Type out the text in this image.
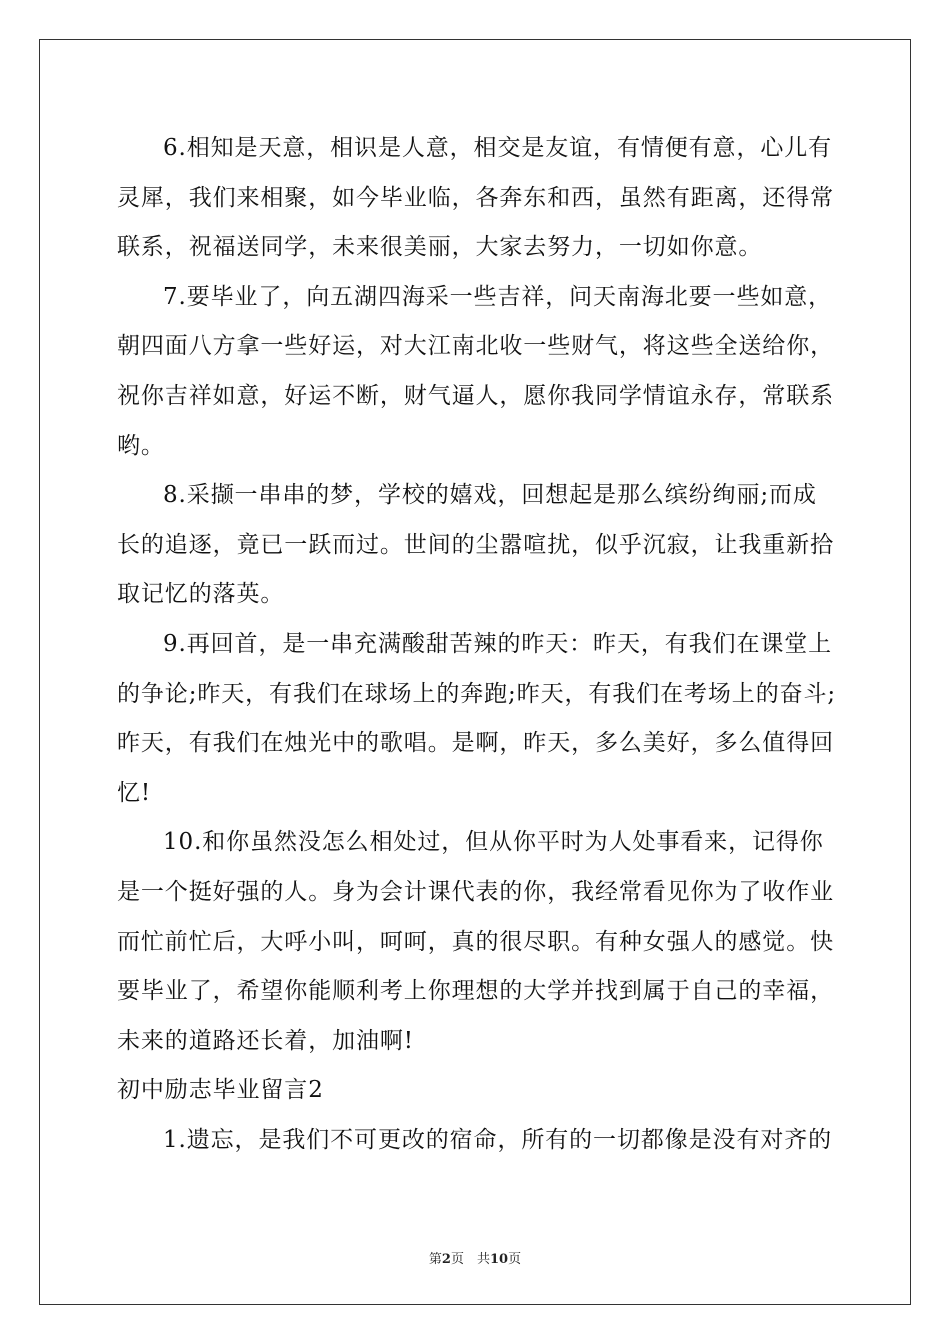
6.相知是天意，相识是人意，相交是友谊，有情便有意，心儿有灵犀，我们来相聚，如今毕业临，各奔东和西，虽然有距离，还得常联系，祝福送同学，未来很美丽，大家去努力，一切如你意。

7.要毕业了，向五湖四海采一些吉祥，问天南海北要一些如意，朝四面八方拿一些好运，对大江南北收一些财气，将这些全送给你，祝你吉祥如意，好运不断，财气逼人，愿你我同学情谊永存，常联系哟。

8.采撷一串串的梦，学校的嬉戏，回想起是那么缤纷绚丽;而成长的追逐，竟已一跃而过。世间的尘嚣喧扰，似乎沉寂，让我重新拾取记忆的落英。

9.再回首，是一串充满酸甜苦辣的昨天：昨天，有我们在课堂上的争论;昨天，有我们在球场上的奔跑;昨天，有我们在考场上的奋斗;昨天，有我们在烛光中的歌唱。是啊，昨天，多么美好，多么值得回忆!

10.和你虽然没怎么相处过，但从你平时为人处事看来，记得你是一个挺好强的人。身为会计课代表的你，我经常看见你为了收作业而忙前忙后，大呼小叫，呵呵，真的很尽职。有种女强人的感觉。快要毕业了，希望你能顺利考上你理想的大学并找到属于自己的幸福，未来的道路还长着，加油啊!

初中励志毕业留言2

1.遗忘，是我们不可更改的宿命，所有的一切都像是没有对齐的

第2页　共10页
